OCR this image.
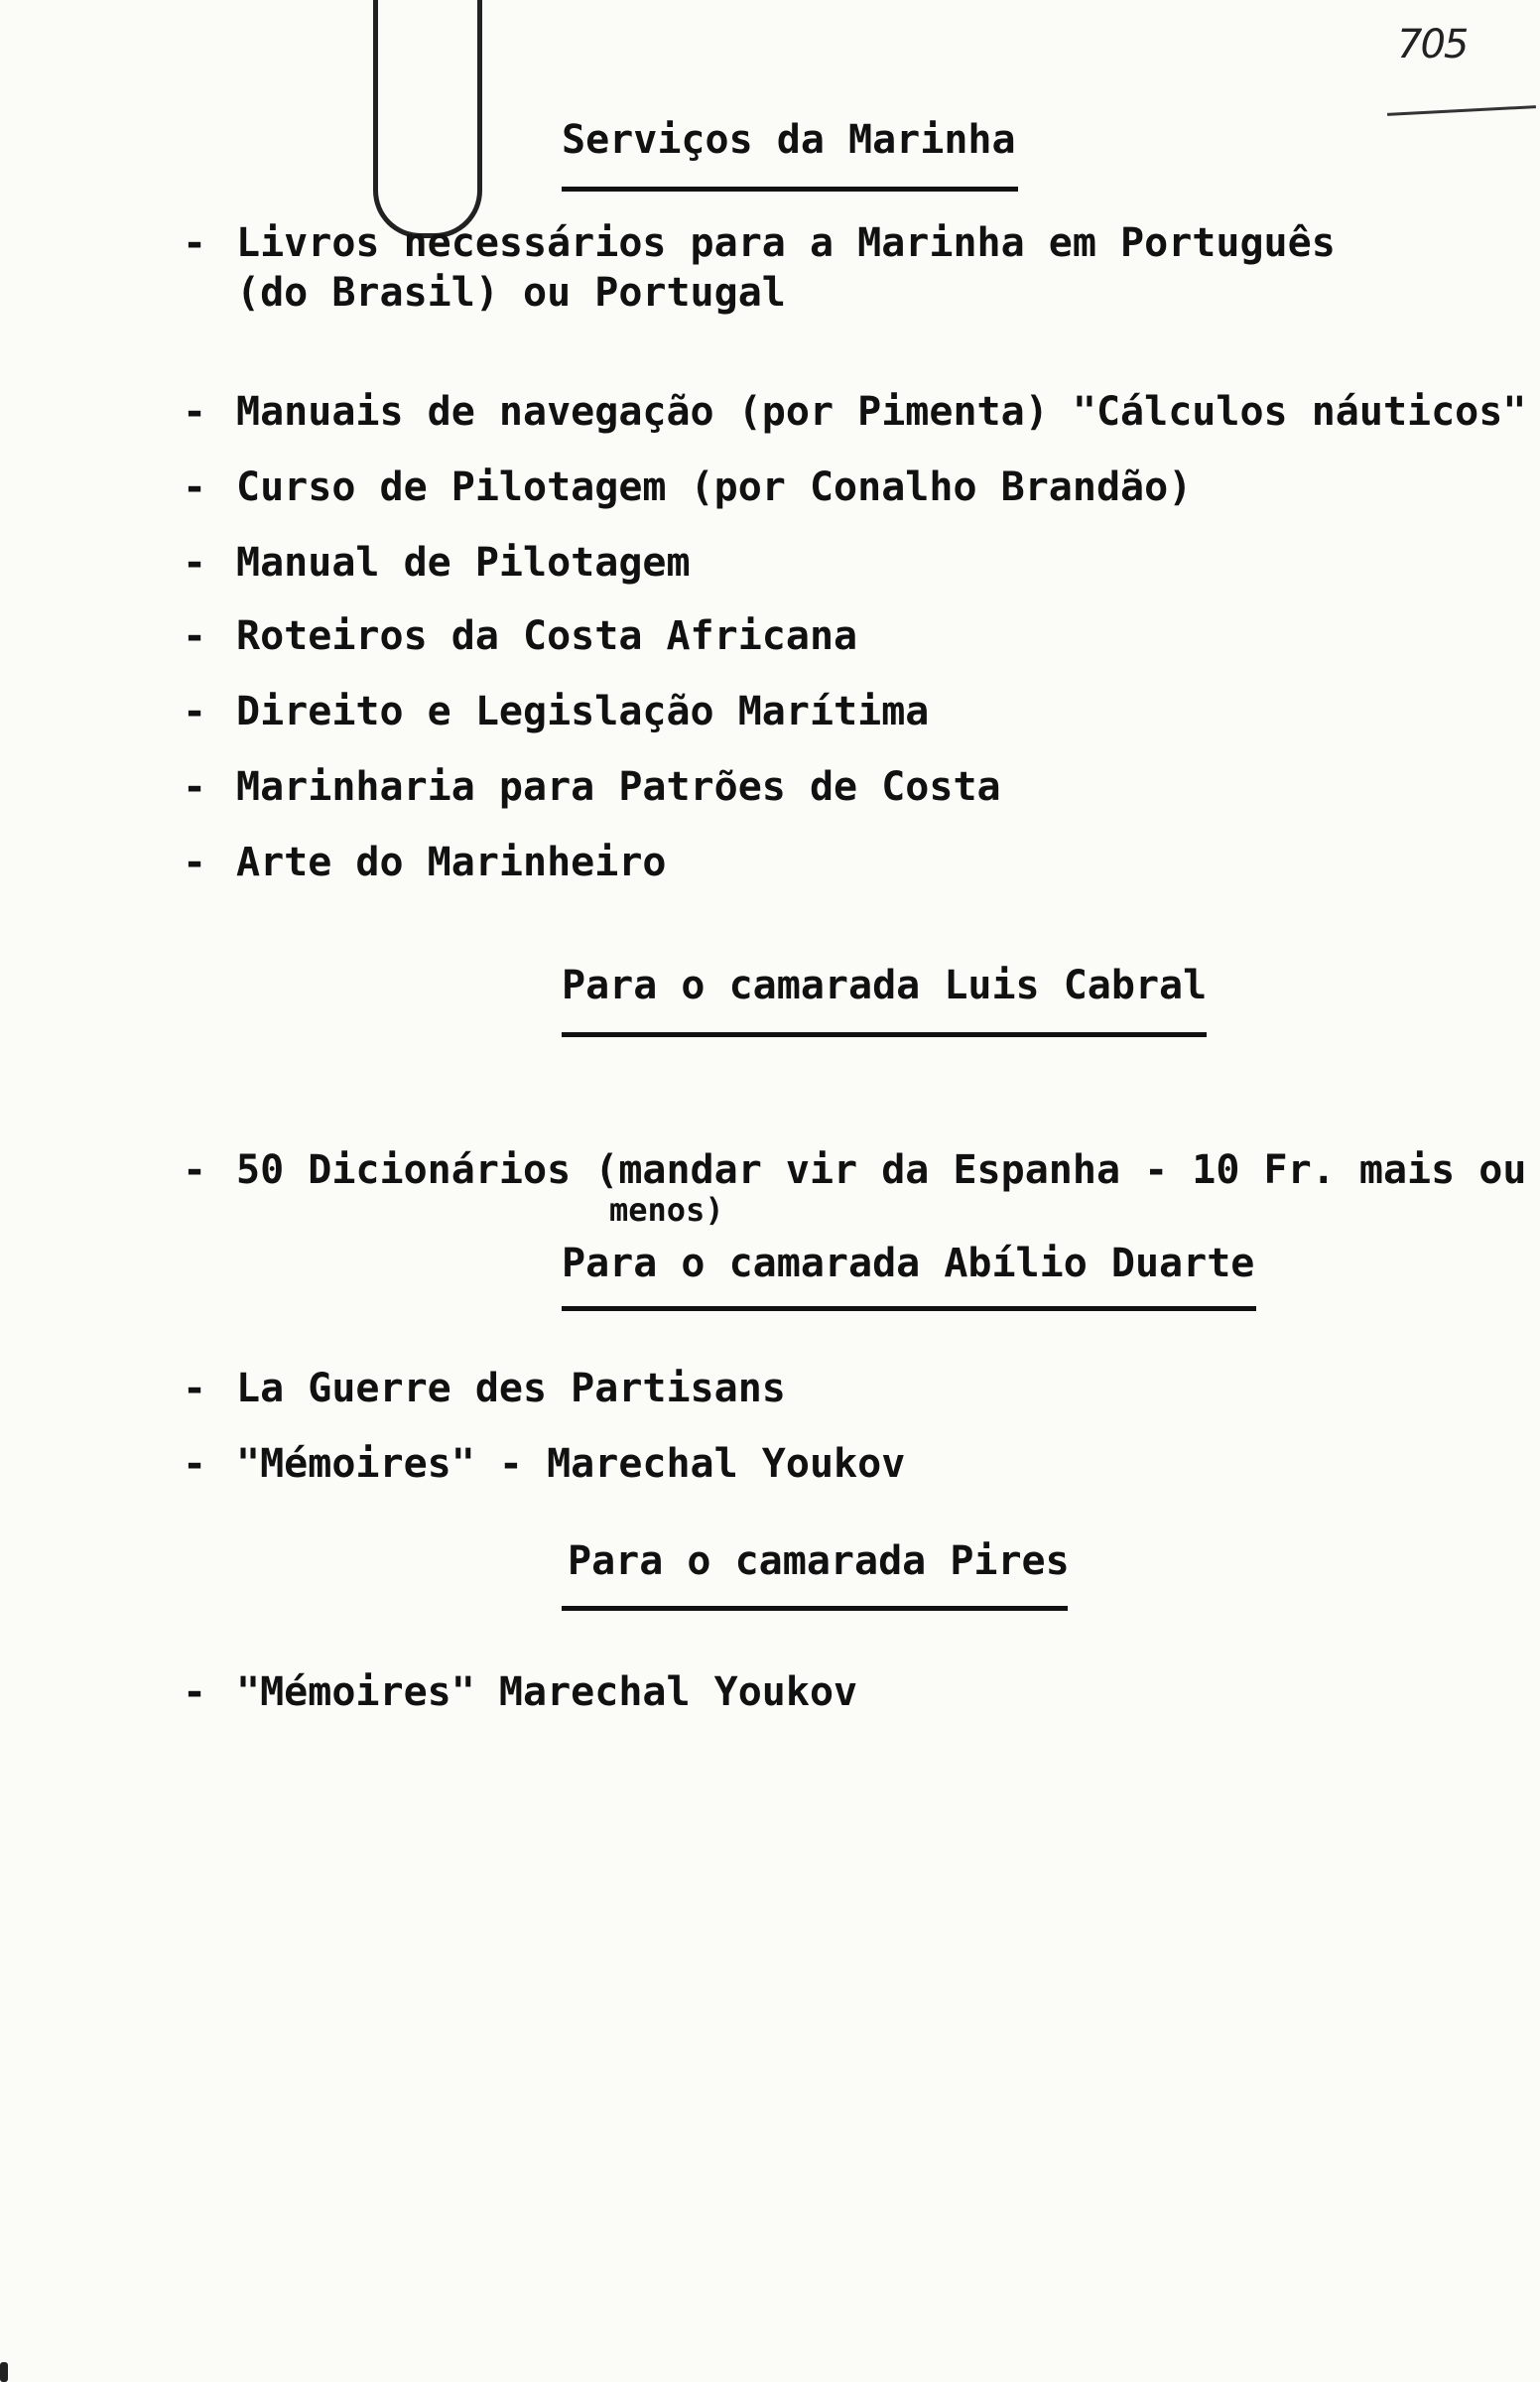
705
Serviços da Marinha
- Livros necessários para a Marinha em Português
(do Brasil) ou Portugal
- Manuais de navegação (por Pimenta) "Cálculos náuticos"
- Curso de Pilotagem (por Conalho Brandão)
- Manual de Pilotagem
- Roteiros da Costa Africana
- Direito e Legislação Marítima
- Marinharia para Patrões de Costa
- Arte do Marinheiro
Para o camarada Luis Cabral
- 50 Dicionários (mandar vir da Espanha - 10 Fr. mais ou
menos)
Para o camarada Abílio Duarte
- La Guerre des Partisans
- "Mémoires" - Marechal Youkov
Para o camarada Pires
- "Mémoires" Marechal Youkov
